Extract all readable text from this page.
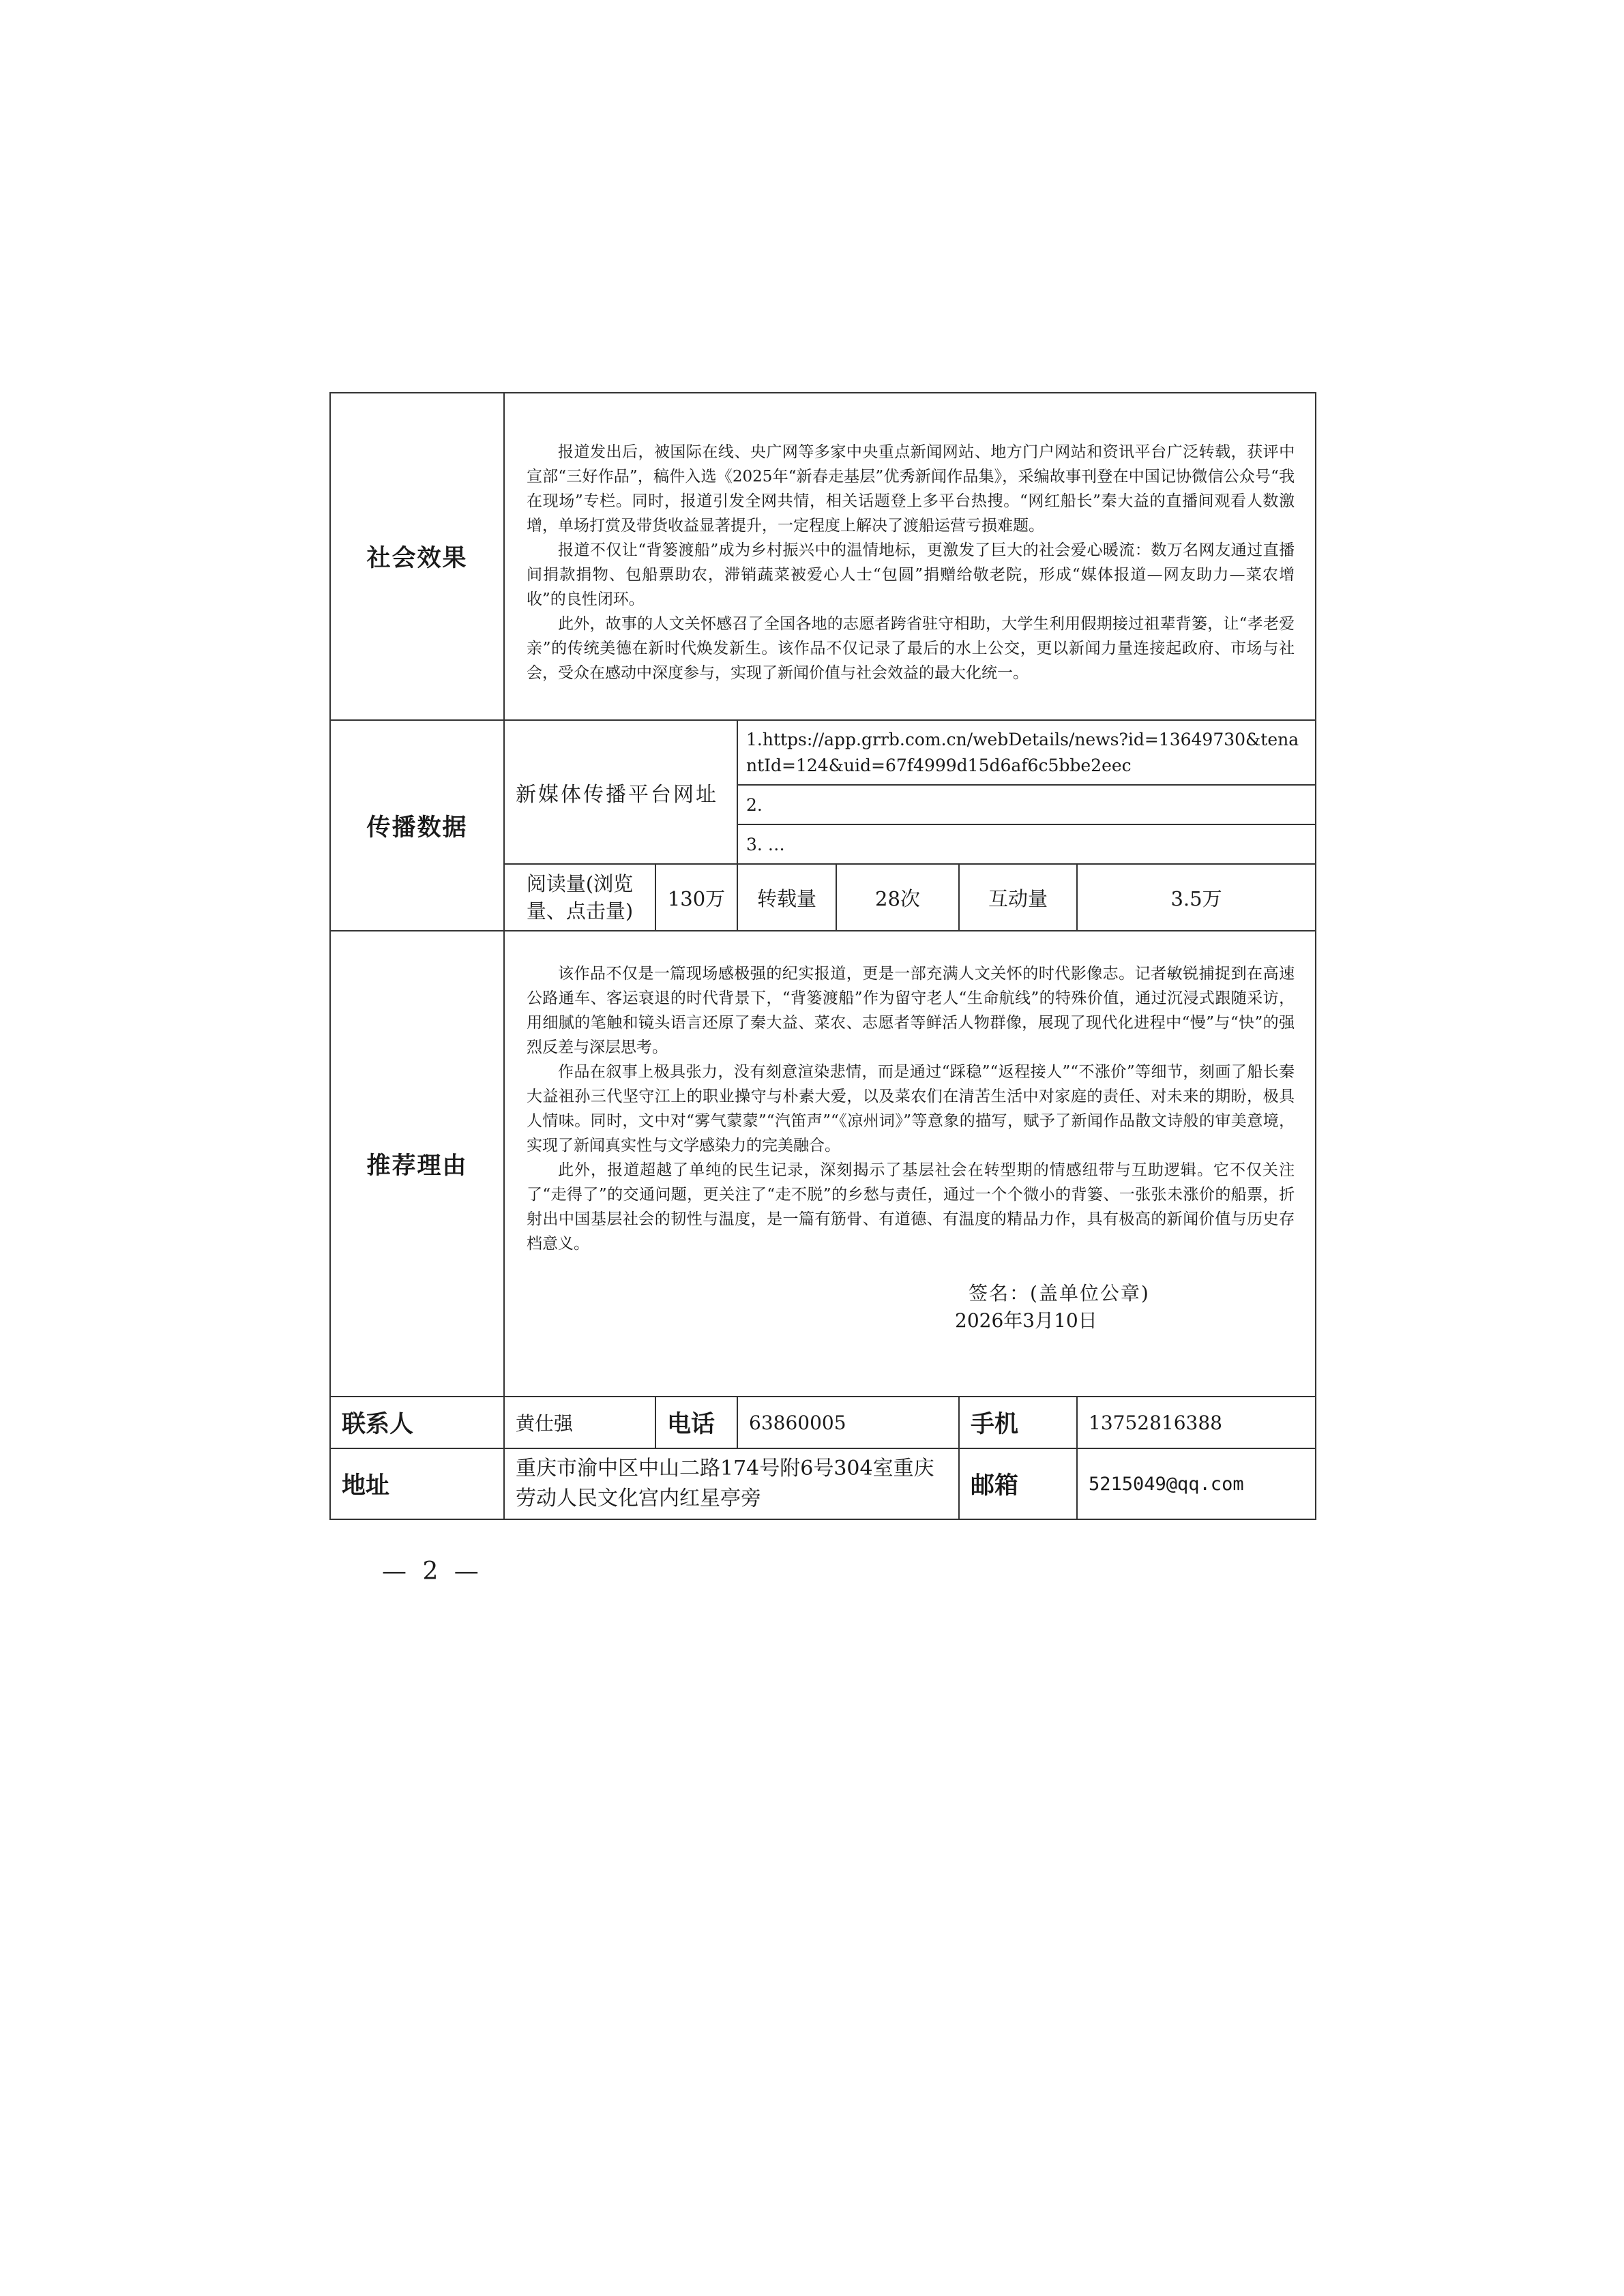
社会效果	报道发出后，被国际在线、央广网等多家中央重点新闻网站、地方门户网站和资讯平台广泛转载，获评中宣部“三好作品”，稿件入选《2025年“新春走基层”优秀新闻作品集》，采编故事刊登在中国记协微信公众号“我在现场”专栏。同时，报道引发全网共情，相关话题登上多平台热搜。“网红船长”秦大益的直播间观看人数激增，单场打赏及带货收益显著提升，一定程度上解决了渡船运营亏损难题。

报道不仅让“背篓渡船”成为乡村振兴中的温情地标，更激发了巨大的社会爱心暖流：数万名网友通过直播间捐款捐物、包船票助农，滞销蔬菜被爱心人士“包圆”捐赠给敬老院，形成“媒体报道—网友助力—菜农增收”的良性闭环。

此外，故事的人文关怀感召了全国各地的志愿者跨省驻守相助，大学生利用假期接过祖辈背篓，让“孝老爱亲”的传统美德在新时代焕发新生。该作品不仅记录了最后的水上公交，更以新闻力量连接起政府、市场与社会，受众在感动中深度参与，实现了新闻价值与社会效益的最大化统一。					

传播数据	新媒体传播平台网址		1.https://app.grrb.com.cn/webDetails/news?id=13649730&tenantId=124&uid=67f4999d15d6af6c5bbe2eec			
			2.			
			3. …			
	阅读量(浏览量、点击量)	130万	转载量	28次	互动量	3.5万
推荐理由	该作品不仅是一篇现场感极强的纪实报道，更是一部充满人文关怀的时代影像志。记者敏锐捕捉到在高速公路通车、客运衰退的时代背景下，“背篓渡船”作为留守老人“生命航线”的特殊价值，通过沉浸式跟随采访，用细腻的笔触和镜头语言还原了秦大益、菜农、志愿者等鲜活人物群像，展现了现代化进程中“慢”与“快”的强烈反差与深层思考。

作品在叙事上极具张力，没有刻意渲染悲情，而是通过“踩稳”“返程接人”“不涨价”等细节，刻画了船长秦大益祖孙三代坚守江上的职业操守与朴素大爱，以及菜农们在清苦生活中对家庭的责任、对未来的期盼，极具人情味。同时，文中对“雾气蒙蒙”“汽笛声”“《凉州词》”等意象的描写，赋予了新闻作品散文诗般的审美意境，实现了新闻真实性与文学感染力的完美融合。

此外，报道超越了单纯的民生记录，深刻揭示了基层社会在转型期的情感纽带与互助逻辑。它不仅关注了“走得了”的交通问题，更关注了“走不脱”的乡愁与责任，通过一个个微小的背篓、一张张未涨价的船票，折射出中国基层社会的韧性与温度，是一篇有筋骨、有道德、有温度的精品力作，具有极高的新闻价值与历史存档意义。

签名：(盖单位公章)
2026年3月10日					

联系人	黄仕强	电话	63860005		手机	13752816388
地址	重庆市渝中区中山二路174号附6号304室重庆劳动人民文化宫内红星亭旁				邮箱	5215049@qq.com
— 2 —
